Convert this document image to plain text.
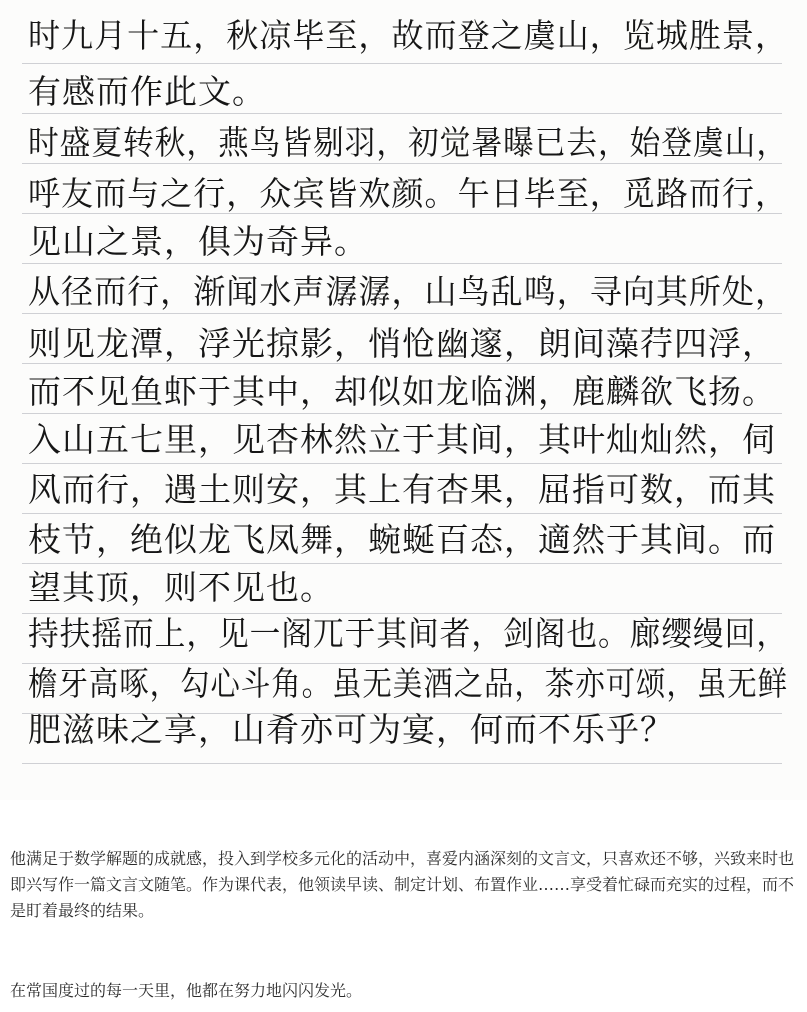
时九月十五，秋凉毕至，故而登之虞山，览城胜景，
有感而作此文。
时盛夏转秋，燕鸟皆剔羽，初觉暑曝已去，始登虞山，
呼友而与之行，众宾皆欢颜。午日毕至，觅路而行，
见山之景，俱为奇异。
从径而行，渐闻水声潺潺，山鸟乱鸣，寻向其所处，
则见龙潭，浮光掠影，悄怆幽邃，朗间藻荇四浮，
而不见鱼虾于其中，却似如龙临渊，鹿麟欲飞扬。
入山五七里，见杏林然立于其间，其叶灿灿然，伺
风而行，遇土则安，其上有杏果，屈指可数，而其
枝节，绝似龙飞凤舞，蜿蜒百态，適然于其间。而
望其顶，则不见也。
持扶摇而上，见一阁兀于其间者，剑阁也。廊缨缦回，
檐牙高啄，勾心斗角。虽无美酒之品，茶亦可颂，虽无鲜
肥滋味之享，山肴亦可为宴，何而不乐乎？
他满足于数学解题的成就感，投入到学校多元化的活动中，喜爱内涵深刻的文言文，只喜欢还不够，兴致来时也即兴写作一篇文言文随笔。作为课代表，他领读早读、制定计划、布置作业……享受着忙碌而充实的过程，而不是盯着最终的结果。
在常国度过的每一天里，他都在努力地闪闪发光。
